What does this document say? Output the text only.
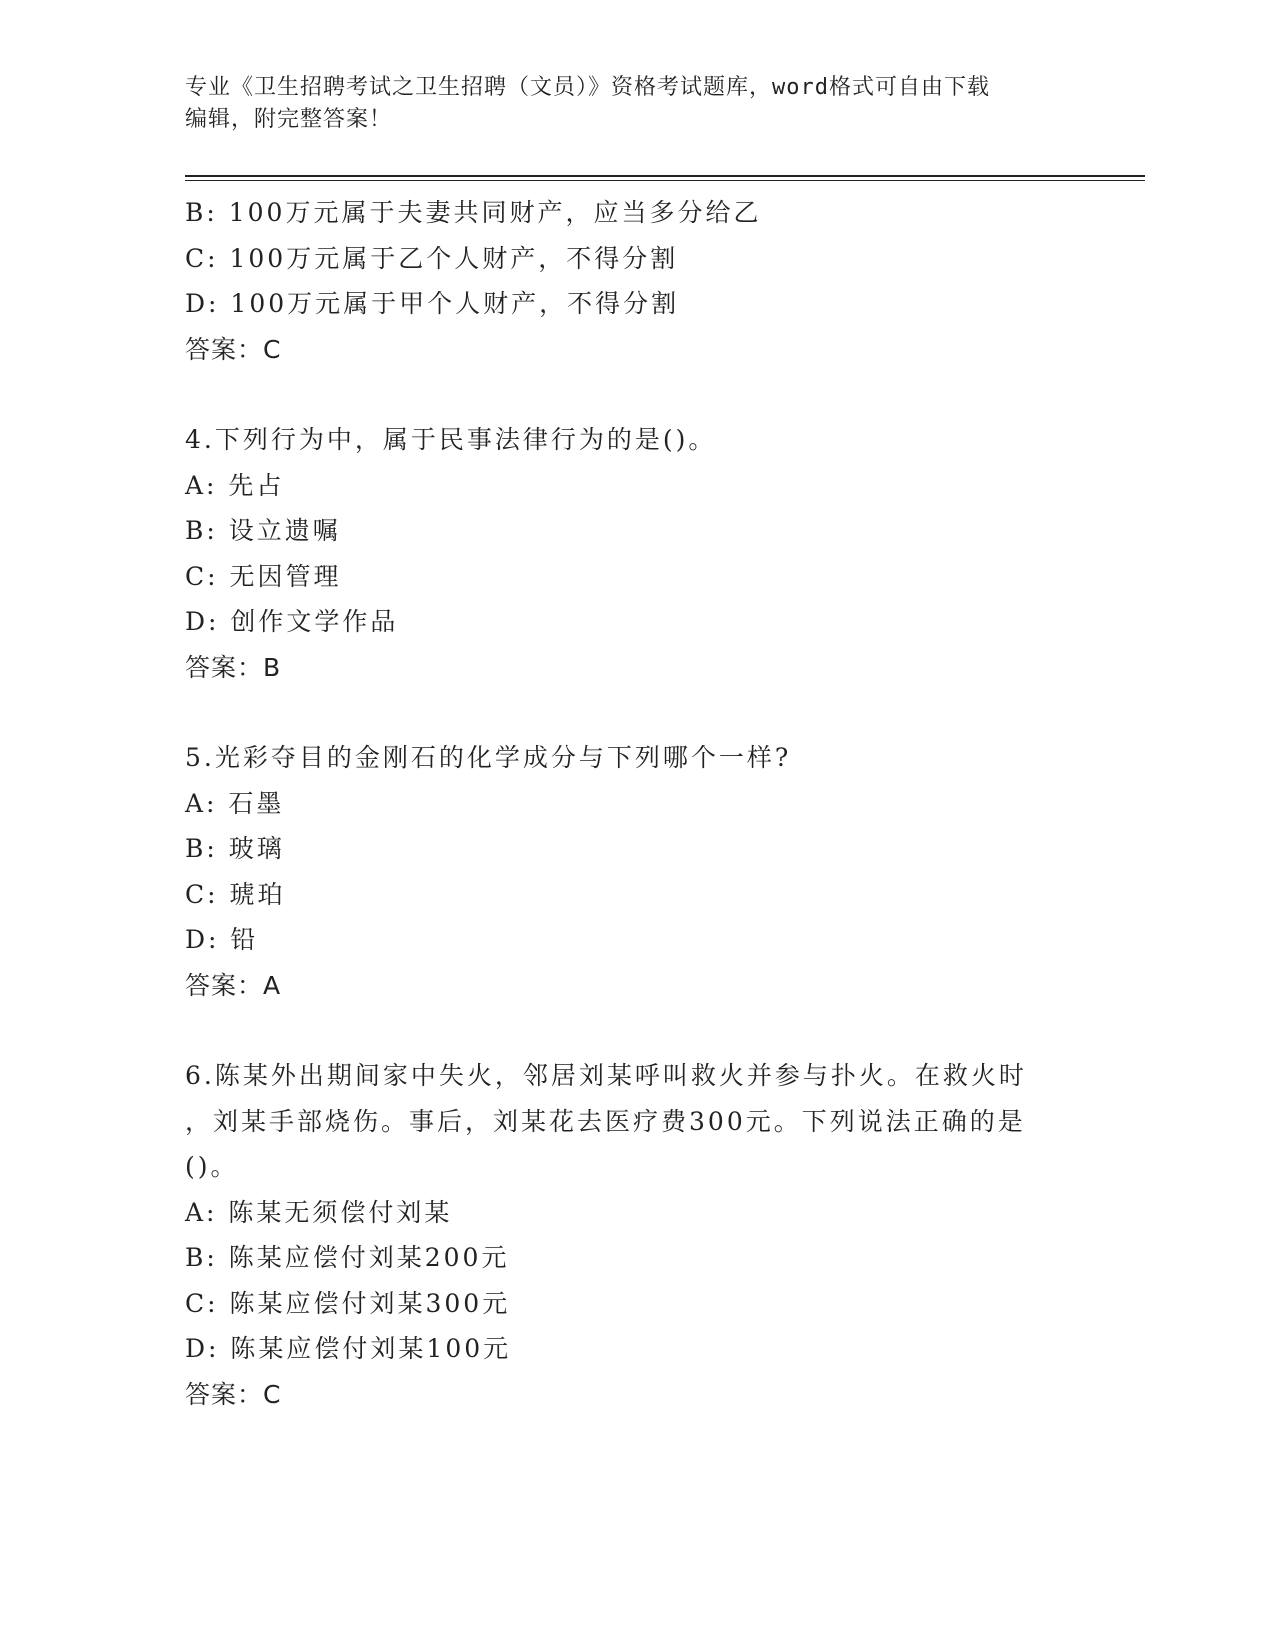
专业《卫生招聘考试之卫生招聘（文员）》资格考试题库，word格式可自由下载
编辑，附完整答案！
B: 100万元属于夫妻共同财产，应当多分给乙
C: 100万元属于乙个人财产，不得分割
D: 100万元属于甲个人财产，不得分割
答案：C
4.下列行为中，属于民事法律行为的是()。
A: 先占
B: 设立遗嘱
C: 无因管理
D: 创作文学作品
答案：B
5.光彩夺目的金刚石的化学成分与下列哪个一样?
A: 石墨
B: 玻璃
C: 琥珀
D: 铅
答案：A
6.陈某外出期间家中失火，邻居刘某呼叫救火并参与扑火。在救火时
，刘某手部烧伤。事后，刘某花去医疗费300元。下列说法正确的是
()。
A: 陈某无须偿付刘某
B: 陈某应偿付刘某200元
C: 陈某应偿付刘某300元
D: 陈某应偿付刘某100元
答案：C
